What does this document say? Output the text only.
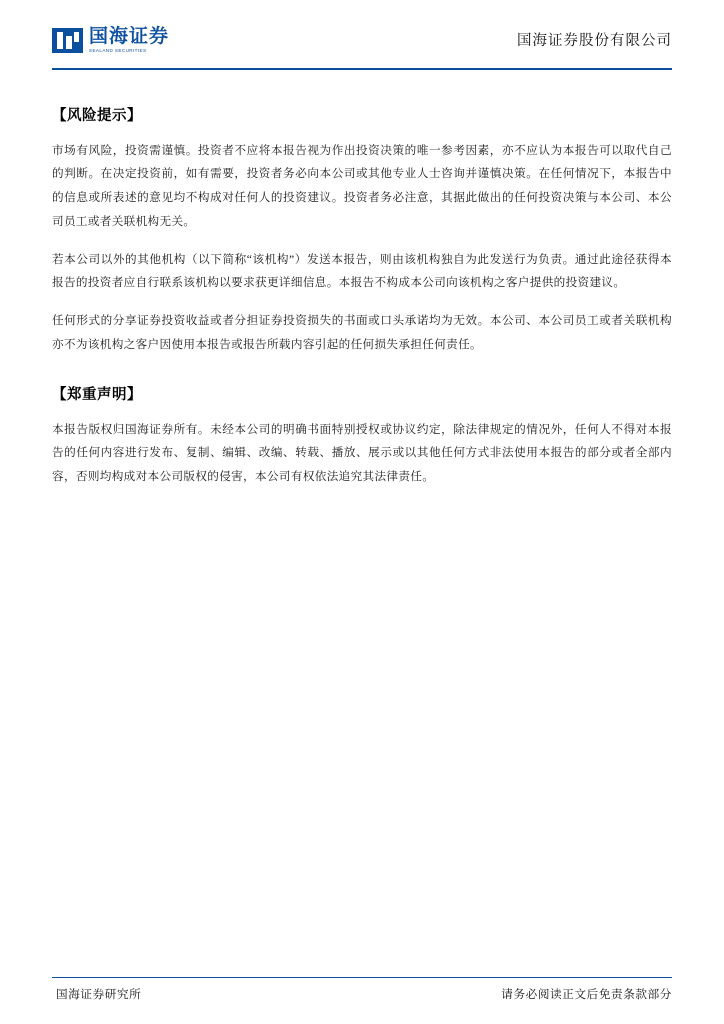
国海证券
SEALAND SECURITIES
国海证券股份有限公司
【风险提示】

市场有风险，投资需谨慎。投资者不应将本报告视为作出投资决策的唯一参考因素，亦不应认为本报告可以取代自己的判断。在决定投资前，如有需要，投资者务必向本公司或其他专业人士咨询并谨慎决策。在任何情况下，本报告中的信息或所表述的意见均不构成对任何人的投资建议。投资者务必注意，其据此做出的任何投资决策与本公司、本公司员工或者关联机构无关。

若本公司以外的其他机构（以下简称“该机构”）发送本报告，则由该机构独自为此发送行为负责。通过此途径获得本报告的投资者应自行联系该机构以要求获更详细信息。本报告不构成本公司向该机构之客户提供的投资建议。

任何形式的分享证券投资收益或者分担证券投资损失的书面或口头承诺均为无效。本公司、本公司员工或者关联机构亦不为该机构之客户因使用本报告或报告所载内容引起的任何损失承担任何责任。

【郑重声明】

本报告版权归国海证券所有。未经本公司的明确书面特别授权或协议约定，除法律规定的情况外，任何人不得对本报告的任何内容进行发布、复制、编辑、改编、转载、播放、展示或以其他任何方式非法使用本报告的部分或者全部内容，否则均构成对本公司版权的侵害，本公司有权依法追究其法律责任。

国海证券研究所	请务必阅读正文后免责条款部分
